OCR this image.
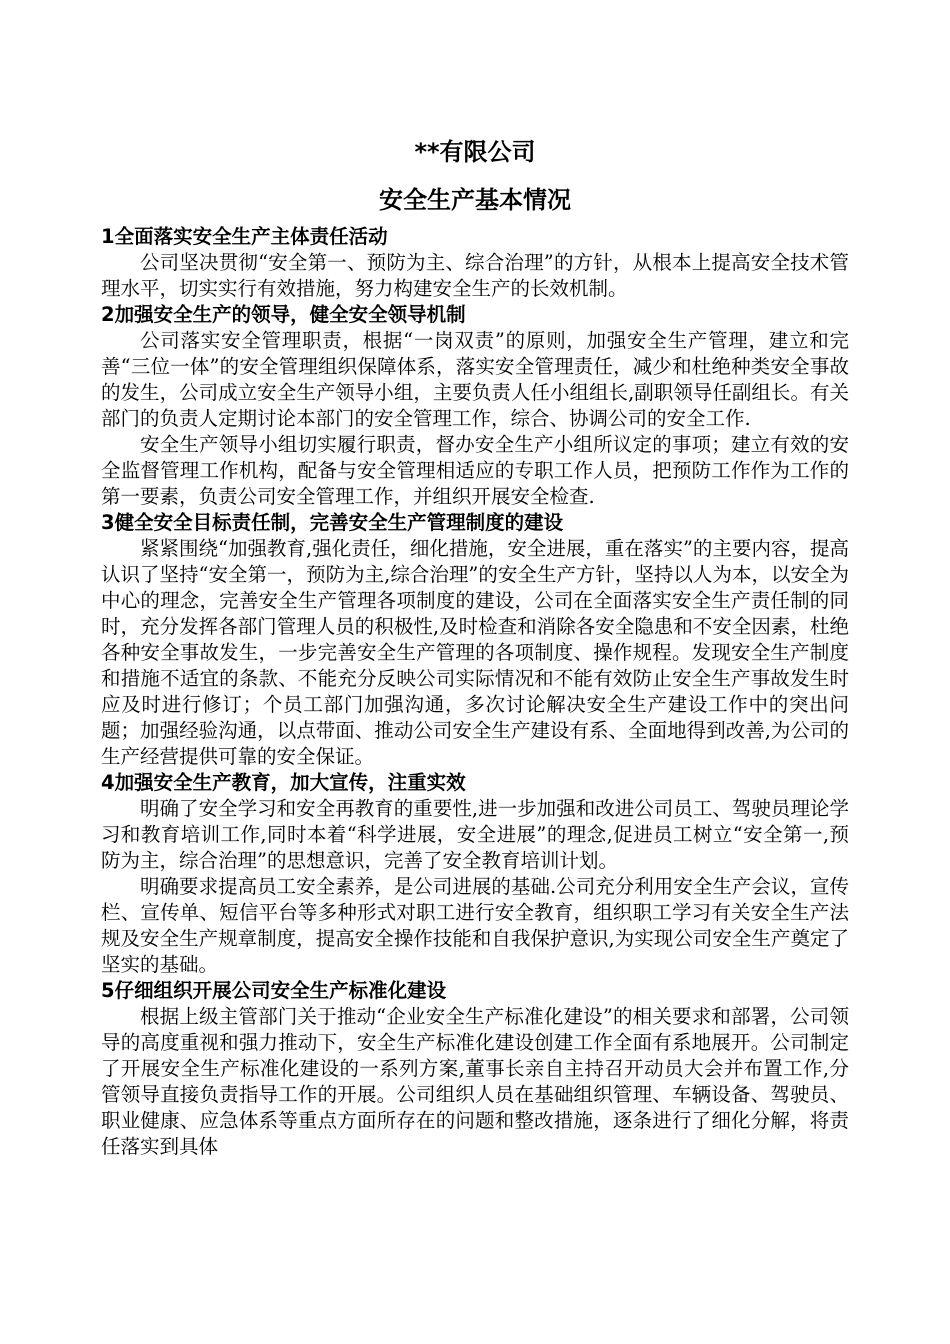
**有限公司
安全生产基本情况

1全面落实安全生产主体责任活动

公司坚决贯彻“安全第一、预防为主、综合治理”的方针，从根本上提高安全技术管理水平，切实实行有效措施，努力构建安全生产的长效机制。

2加强安全生产的领导，健全安全领导机制

公司落实安全管理职责，根据“一岗双责”的原则，加强安全生产管理，建立和完善“三位一体”的安全管理组织保障体系，落实安全管理责任，减少和杜绝种类安全事故的发生，公司成立安全生产领导小组，主要负责人任小组组长,副职领导任副组长。有关部门的负责人定期讨论本部门的安全管理工作，综合、协调公司的安全工作.

安全生产领导小组切实履行职责，督办安全生产小组所议定的事项；建立有效的安全监督管理工作机构，配备与安全管理相适应的专职工作人员，把预防工作作为工作的第一要素，负责公司安全管理工作，并组织开展安全检查.

3健全安全目标责任制，完善安全生产管理制度的建设

紧紧围绕“加强教育,强化责任，细化措施，安全进展，重在落实”的主要内容，提高认识了坚持“安全第一，预防为主,综合治理”的安全生产方针，坚持以人为本，以安全为中心的理念，完善安全生产管理各项制度的建设，公司在全面落实安全生产责任制的同时，充分发挥各部门管理人员的积极性,及时检查和消除各安全隐患和不安全因素，杜绝各种安全事故发生，一步完善安全生产管理的各项制度、操作规程。发现安全生产制度和措施不适宜的条款、不能充分反映公司实际情况和不能有效防止安全生产事故发生时应及时进行修订；个员工部门加强沟通，多次讨论解决安全生产建设工作中的突出问题；加强经验沟通，以点带面、推动公司安全生产建设有系、全面地得到改善,为公司的生产经营提供可靠的安全保证。

4加强安全生产教育，加大宣传，注重实效

明确了安全学习和安全再教育的重要性,进一步加强和改进公司员工、驾驶员理论学习和教育培训工作,同时本着“科学进展，安全进展”的理念,促进员工树立“安全第一,预防为主，综合治理”的思想意识，完善了安全教育培训计划。

明确要求提高员工安全素养，是公司进展的基础.公司充分利用安全生产会议，宣传栏、宣传单、短信平台等多种形式对职工进行安全教育，组织职工学习有关安全生产法规及安全生产规章制度，提高安全操作技能和自我保护意识,为实现公司安全生产奠定了坚实的基础。

5仔细组织开展公司安全生产标准化建设

根据上级主管部门关于推动“企业安全生产标准化建设”的相关要求和部署，公司领导的高度重视和强力推动下，安全生产标准化建设创建工作全面有系地展开。公司制定了开展安全生产标准化建设的一系列方案,董事长亲自主持召开动员大会并布置工作,分管领导直接负责指导工作的开展。公司组织人员在基础组织管理、车辆设备、驾驶员、职业健康、应急体系等重点方面所存在的问题和整改措施，逐条进行了细化分解，将责任落实到具体
